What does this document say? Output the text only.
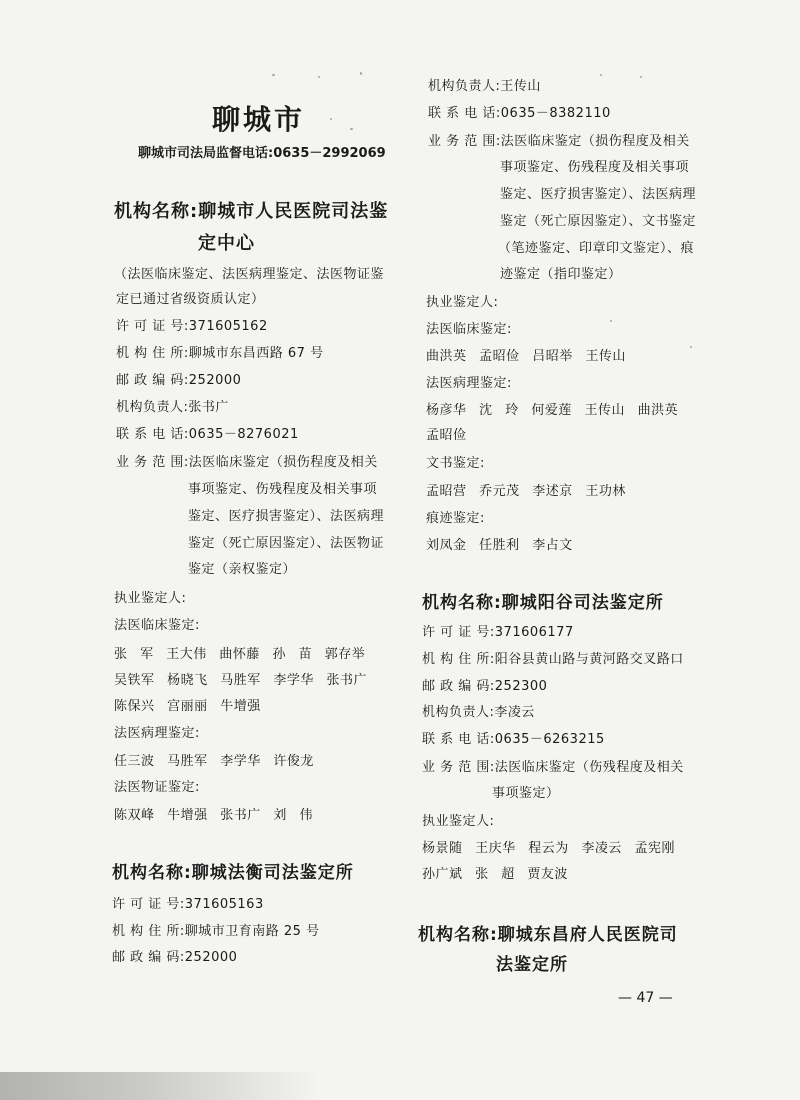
聊城市
聊城市司法局监督电话:0635－2992069
机构名称:聊城市人民医院司法鉴
定中心
（法医临床鉴定、法医病理鉴定、法医物证鉴
定已通过省级资质认定）
许 可 证 号:371605162
机 构 住 所:聊城市东昌西路 67 号
邮 政 编 码:252000
机构负责人:张书广
联 系 电 话:0635－8276021
业 务 范 围:法医临床鉴定（损伤程度及相关
事项鉴定、伤残程度及相关事项
鉴定、医疗损害鉴定）、法医病理
鉴定（死亡原因鉴定）、法医物证
鉴定（亲权鉴定）
执业鉴定人:
法医临床鉴定:
张 军 王大伟 曲怀藤 孙 苗 郭存举
吴铁军 杨晓飞 马胜军 李学华 张书广
陈保兴 宫丽丽 牛增强
法医病理鉴定:
任三波 马胜军 李学华 许俊龙
法医物证鉴定:
陈双峰 牛增强 张书广 刘 伟
机构名称:聊城法衡司法鉴定所
许 可 证 号:371605163
机 构 住 所:聊城市卫育南路 25 号
邮 政 编 码:252000
机构负责人:王传山
联 系 电 话:0635－8382110
业 务 范 围:法医临床鉴定（损伤程度及相关
事项鉴定、伤残程度及相关事项
鉴定、医疗损害鉴定）、法医病理
鉴定（死亡原因鉴定）、文书鉴定
（笔迹鉴定、印章印文鉴定）、痕
迹鉴定（指印鉴定）
执业鉴定人:
法医临床鉴定:
曲洪英 孟昭俭 吕昭举 王传山
法医病理鉴定:
杨彦华 沈 玲 何爱莲 王传山 曲洪英
孟昭俭
文书鉴定:
孟昭营 乔元茂 李述京 王功林
痕迹鉴定:
刘凤金 任胜利 李占文
机构名称:聊城阳谷司法鉴定所
许 可 证 号:371606177
机 构 住 所:阳谷县黄山路与黄河路交叉路口
邮 政 编 码:252300
机构负责人:李凌云
联 系 电 话:0635－6263215
业 务 范 围:法医临床鉴定（伤残程度及相关
事项鉴定）
执业鉴定人:
杨景随 王庆华 程云为 李凌云 孟宪刚
孙广斌 张 超 贾友波
机构名称:聊城东昌府人民医院司
法鉴定所
— 47 —
